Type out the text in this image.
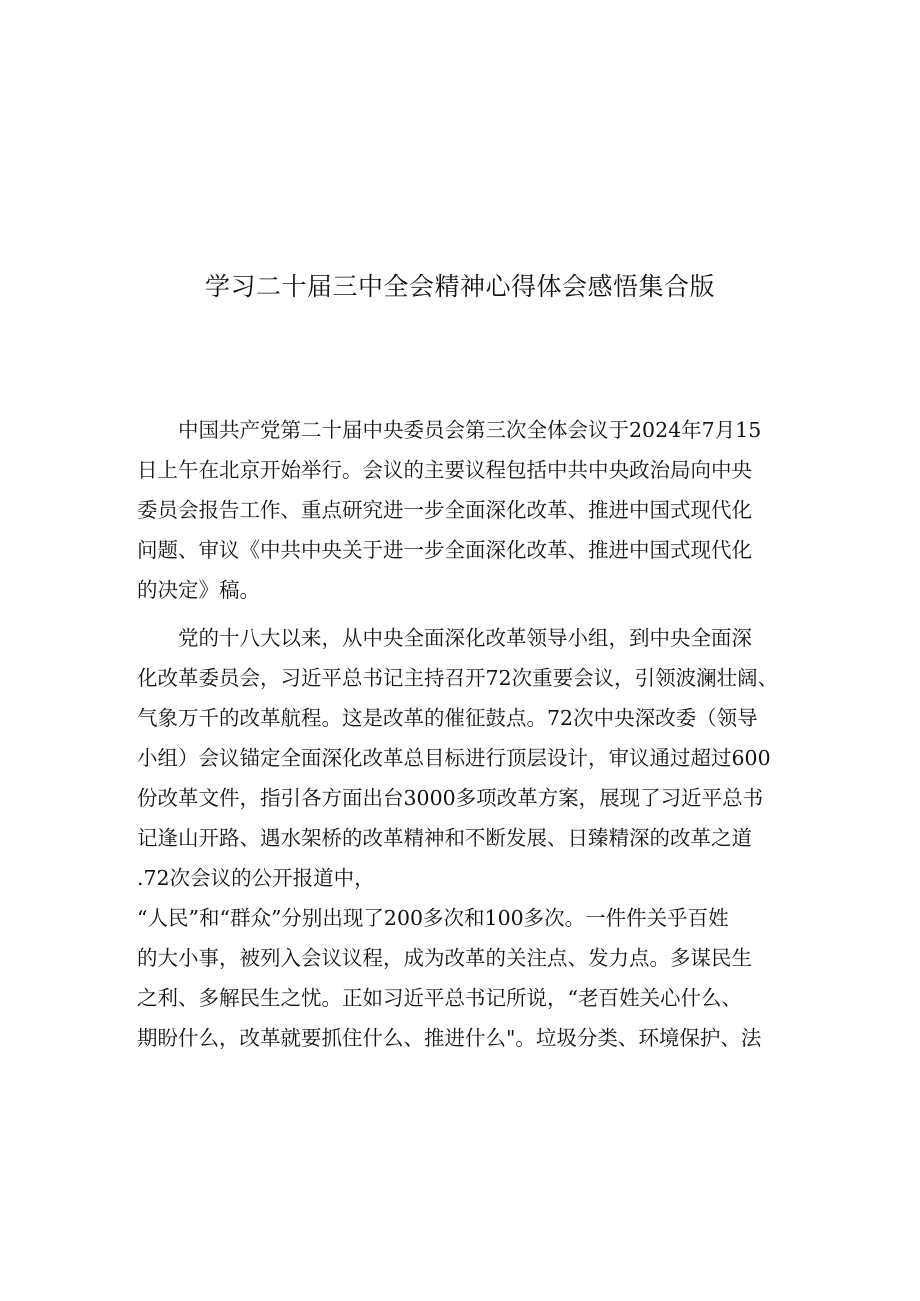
学习二十届三中全会精神心得体会感悟集合版

中国共产党第二十届中央委员会第三次全体会议于2024年7月15
日上午在北京开始举行。会议的主要议程包括中共中央政治局向中央
委员会报告工作、重点研究进一步全面深化改革、推进中国式现代化
问题、审议《中共中央关于进一步全面深化改革、推进中国式现代化
的决定》稿。

党的十八大以来，从中央全面深化改革领导小组，到中央全面深
化改革委员会，习近平总书记主持召开72次重要会议，引领波澜壮阔、
气象万千的改革航程。这是改革的催征鼓点。72次中央深改委（领导
小组）会议锚定全面深化改革总目标进行顶层设计，审议通过超过600
份改革文件，指引各方面出台3000多项改革方案，展现了习近平总书
记逢山开路、遇水架桥的改革精神和不断发展、日臻精深的改革之道
.72次会议的公开报道中，
“人民”和“群众”分别出现了200多次和100多次。一件件关乎百姓
的大小事，被列入会议议程，成为改革的关注点、发力点。多谋民生
之利、多解民生之忧。正如习近平总书记所说，“老百姓关心什么、
期盼什么，改革就要抓住什么、推进什么"。垃圾分类、环境保护、法
